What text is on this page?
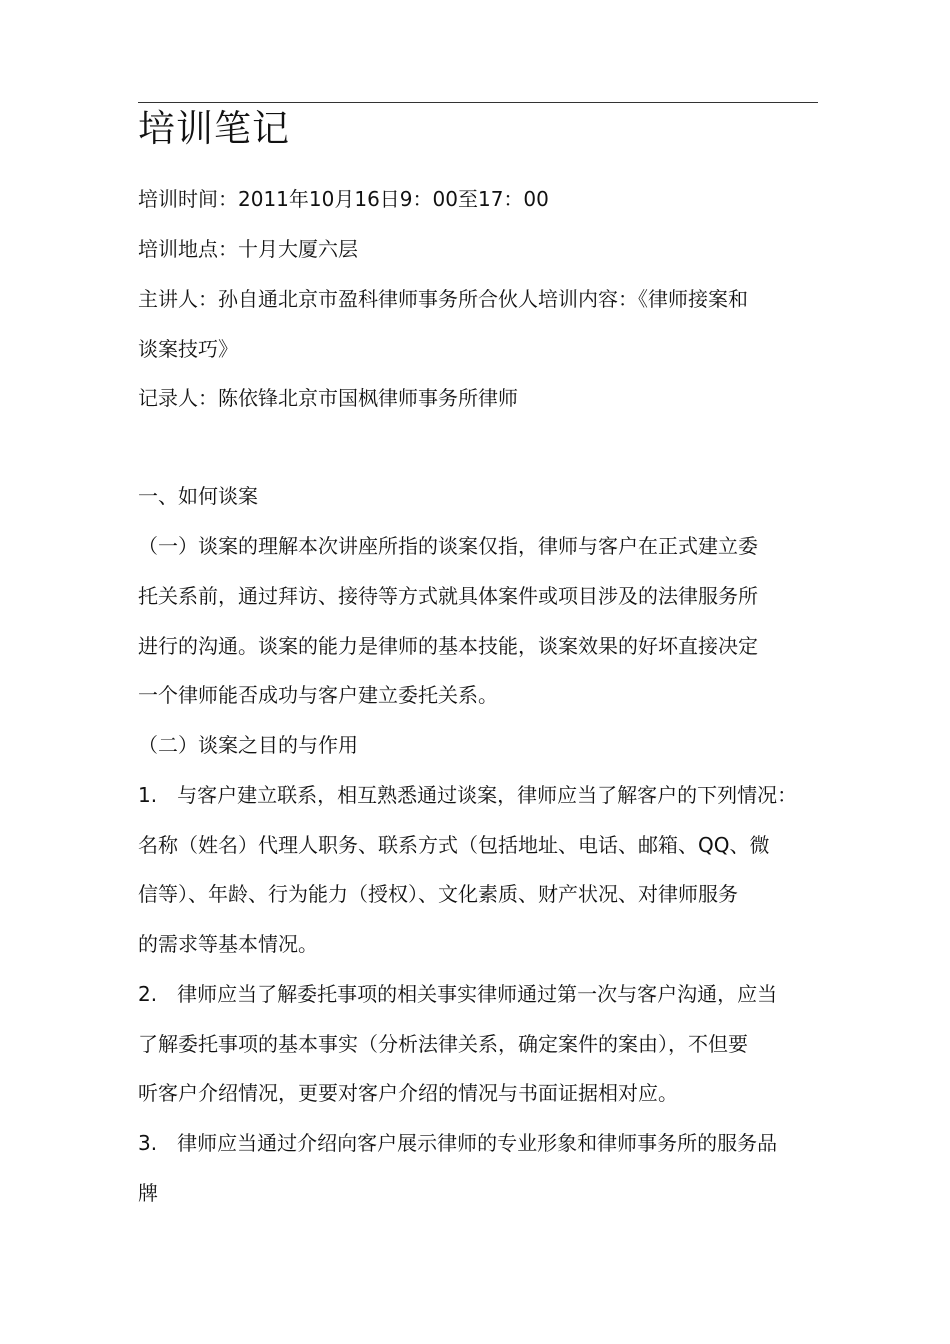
培训笔记
培训时间：2011年10月16日9：00至17：00
培训地点：十月大厦六层
主讲人：孙自通北京市盈科律师事务所合伙人培训内容：《律师接案和
谈案技巧》
记录人：陈依锋北京市国枫律师事务所律师
一、如何谈案
（一）谈案的理解本次讲座所指的谈案仅指，律师与客户在正式建立委
托关系前，通过拜访、接待等方式就具体案件或项目涉及的法律服务所
进行的沟通。谈案的能力是律师的基本技能，谈案效果的好坏直接决定
一个律师能否成功与客户建立委托关系。
（二）谈案之目的与作用
1.　与客户建立联系，相互熟悉通过谈案，律师应当了解客户的下列情况：
名称（姓名）代理人职务、联系方式（包括地址、电话、邮箱、QQ、微
信等）、年龄、行为能力（授权）、文化素质、财产状况、对律师服务
的需求等基本情况。
2.　律师应当了解委托事项的相关事实律师通过第一次与客户沟通，应当
了解委托事项的基本事实（分析法律关系，确定案件的案由），不但要
听客户介绍情况，更要对客户介绍的情况与书面证据相对应。
3.　律师应当通过介绍向客户展示律师的专业形象和律师事务所的服务品
牌
